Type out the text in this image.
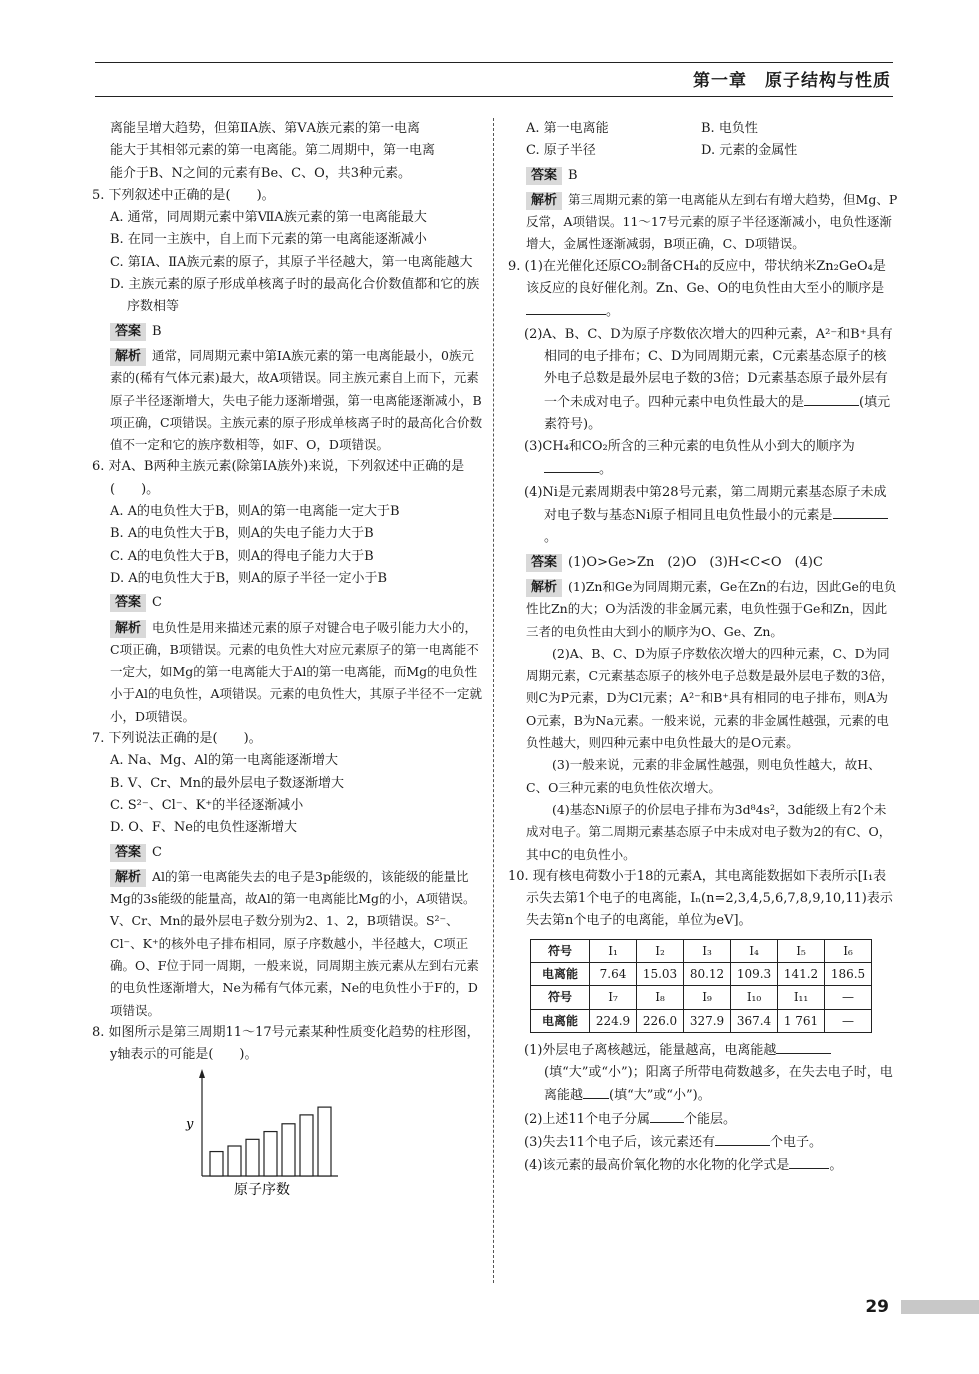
第一章　原子结构与性质

离能呈增大趋势，但第ⅡA族、第ⅤA族元素的第一电离

能大于其相邻元素的第一电离能。第二周期中，第一电离

能介于B、N之间的元素有Be、C、O，共3种元素。

5. 下列叙述中正确的是(　　)。

A. 通常，同周期元素中第ⅦA族元素的第一电离能最大

B. 在同一主族中，自上而下元素的第一电离能逐渐减小

C. 第ⅠA、ⅡA族元素的原子，其原子半径越大，第一电离能越大

D. 主族元素的原子形成单核离子时的最高化合价数值都和它的族序数相等

答案 B

解析 通常，同周期元素中第ⅠA族元素的第一电离能最小，0族元素的(稀有气体元素)最大，故A项错误。同主族元素自上而下，元素原子半径逐渐增大，失电子能力逐渐增强，第一电离能逐渐减小，B项正确，C项错误。主族元素的原子形成单核离子时的最高化合价数值不一定和它的族序数相等，如F、O，D项错误。

6. 对A、B两种主族元素(除第ⅠA族外)来说，下列叙述中正确的是(　　)。

A. A的电负性大于B，则A的第一电离能一定大于B

B. A的电负性大于B，则A的失电子能力大于B

C. A的电负性大于B，则A的得电子能力大于B

D. A的电负性大于B，则A的原子半径一定小于B

答案 C

解析 电负性是用来描述元素的原子对键合电子吸引能力大小的，C项正确，B项错误。元素的电负性大对应元素原子的第一电离能不一定大，如Mg的第一电离能大于Al的第一电离能，而Mg的电负性小于Al的电负性，A项错误。元素的电负性大，其原子半径不一定就小，D项错误。

7. 下列说法正确的是(　　)。

A. Na、Mg、Al的第一电离能逐渐增大

B. V、Cr、Mn的最外层电子数逐渐增大

C. S²⁻、Cl⁻、K⁺的半径逐渐减小

D. O、F、Ne的电负性逐渐增大

答案 C

解析 Al的第一电离能失去的电子是3p能级的，该能级的能量比Mg的3s能级的能量高，故Al的第一电离能比Mg的小，A项错误。V、Cr、Mn的最外层电子数分别为2、1、2，B项错误。S²⁻、Cl⁻、K⁺的核外电子排布相同，原子序数越小，半径越大，C项正确。O、F位于同一周期，一般来说，同周期主族元素从左到右元素的电负性逐渐增大，Ne为稀有气体元素，Ne的电负性小于F的，D项错误。

8. 如图所示是第三周期11～17号元素某种性质变化趋势的柱形图，y轴表示的可能是(　　)。

y
原子序数
A. 第一电离能	B. 电负性
C. 原子半径	D. 元素的金属性

答案 B

解析 第三周期元素的第一电离能从左到右有增大趋势，但Mg、P反常，A项错误。11～17号元素的原子半径逐渐减小，电负性逐渐增大，金属性逐渐减弱，B项正确，C、D项错误。

9. (1)在光催化还原CO₂制备CH₄的反应中，带状纳米Zn₂GeO₄是该反应的良好催化剂。Zn、Ge、O的电负性由大至小的顺序是。

(2)A、B、C、D为原子序数依次增大的四种元素，A²⁻和B⁺具有相同的电子排布；C、D为同周期元素，C元素基态原子的核外电子总数是最外层电子数的3倍；D元素基态原子最外层有一个未成对电子。四种元素中电负性最大的是	(填元素符号)。

(3)CH₄和CO₂所含的三种元素的电负性从小到大的顺序为。

(4)Ni是元素周期表中第28号元素，第二周期元素基态原子未成对电子数与基态Ni原子相同且电负性最小的元素是。

答案 (1)O>Ge>Zn　(2)O　(3)H<C<O　(4)C

解析 (1)Zn和Ge为同周期元素，Ge在Zn的右边，因此Ge的电负性比Zn的大；O为活泼的非金属元素，电负性强于Ge和Zn，因此三者的电负性由大到小的顺序为O、Ge、Zn。

(2)A、B、C、D为原子序数依次增大的四种元素，C、D为同周期元素，C元素基态原子的核外电子总数是最外层电子数的3倍，则C为P元素，D为Cl元素；A²⁻和B⁺具有相同的电子排布，则A为O元素，B为Na元素。一般来说，元素的非金属性越强，元素的电负性越大，则四种元素中电负性最大的是O元素。

(3)一般来说，元素的非金属性越强，则电负性越大，故H、C、O三种元素的电负性依次增大。

(4)基态Ni原子的价层电子排布为3d⁸4s²，3d能级上有2个未成对电子。第二周期元素基态原子中未成对电子数为2的有C、O，其中C的电负性小。

10. 现有核电荷数小于18的元素A，其电离能数据如下表所示[I₁表示失去第1个电子的电离能，Iₙ(n=2,3,4,5,6,7,8,9,10,11)表示失去第n个电子的电离能，单位为eV]。

符号	I₁	I₂	I₃	I₄	I₅	I₆
电离能	7.64	15.03	80.12	109.3	141.2	186.5
符号	I₇	I₈	I₉	I₁₀	I₁₁	—
电离能	224.9	226.0	327.9	367.4	1 761	—

(1)外层电子离核越远，能量越高，电离能越(填“大”或“小”)；阳离子所带电荷数越多，在失去电子时，电离能越 (填“大”或“小”)。

(2)上述11个电子分属	个能层。

(3)失去11个电子后，该元素还有	个电子。

(4)该元素的最高价氧化物的水化物的化学式是	。

29
